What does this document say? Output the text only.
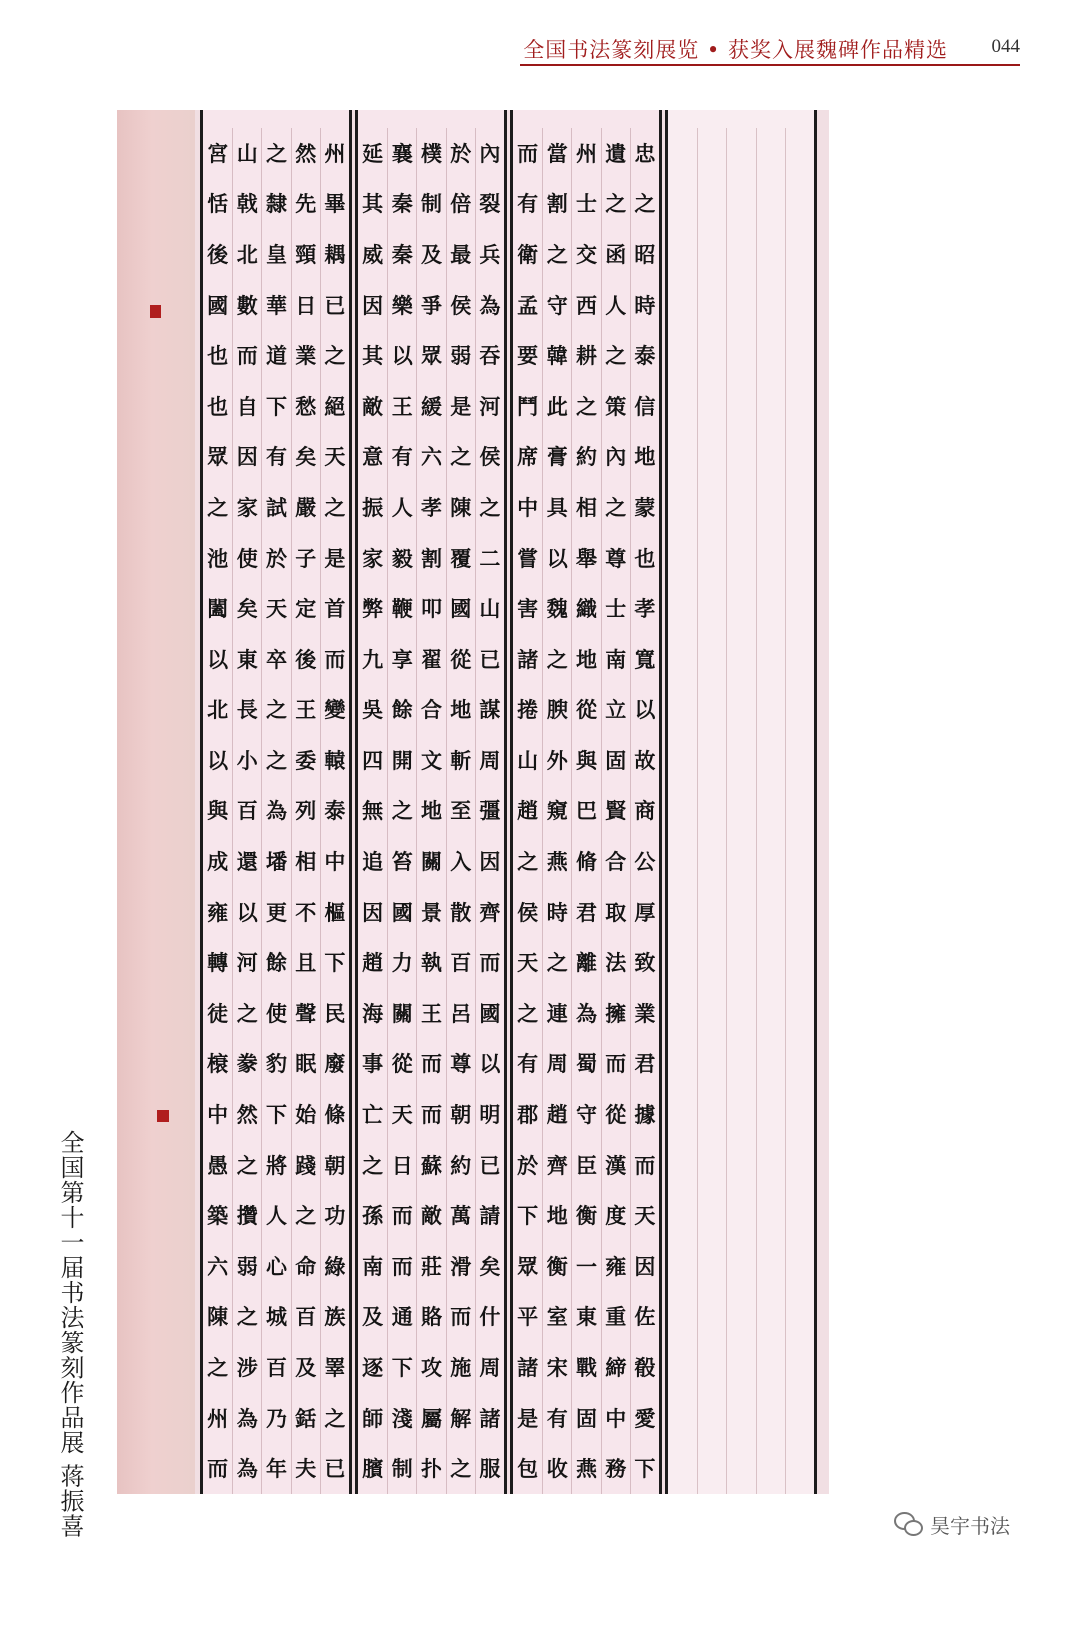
全国书法篆刻展览 • 获奖入展魏碑作品精选 044
宮 山 之 然 州
恬 戟 隸 先 畢
後 北 皇 頸 耦
國 數 華 日 已
也 而 道 業 之
也 自 下 愁 絕
眾 因 有 矣 天
之 家 試 嚴 之
池 使 於 子 是
闔 矣 天 定 首
以 東 卒 後 而
北 長 之 王 變
以 小 之 委 轅
與 百 為 列 泰
成 還 墦 相 中
雍 以 更 不 樞
轉 河 餘 且 下
徒 之 使 聲 民
榱 豢 豹 眠 廢
中 然 下 始 條
愚 之 將 踐 朝
築 攢 人 之 功
六 弱 心 命 綠
陳 之 城 百 族
之 涉 百 及 睪
州 為 乃 銛 之
而 為 年 夫 已
延 襄 樸 於 內
其 秦 制 倍 裂
威 秦 及 最 兵
因 樂 爭 侯 為
其 以 眾 弱 吞
敵 王 緩 是 河
意 有 六 之 侯
振 人 孝 陳 之
家 毅 割 覆 二
弊 鞭 叩 國 山
九 享 翟 從 已
吳 餘 合 地 謀
四 開 文 斬 周
無 之 地 至 彊
追 笞 關 入 因
因 國 景 散 齊
趙 力 執 百 而
海 關 王 呂 國
事 從 而 尊 以
亡 天 而 朝 明
之 日 蘇 約 已
孫 而 敵 萬 請
南 而 莊 滑 矣
及 通 賂 而 什
逐 下 攻 施 周
師 淺 屬 解 諸
臏 制 扑 之 服
而 當 州 遺 忠
有 割 士 之 之
衛 之 交 函 昭
孟 守 西 人 時
要 韓 耕 之 泰
鬥 此 之 策 信
席 膏 約 內 地
中 具 相 之 蒙
嘗 以 舉 尊 也
害 魏 織 士 孝
諸 之 地 南 寬
捲 腴 從 立 以
山 外 與 固 故
趙 窺 巴 賢 商
之 燕 脩 合 公
侯 時 君 取 厚
天 之 離 法 致
之 連 為 擁 業
有 周 蜀 而 君
郡 趙 守 從 據
於 齊 臣 漢 而
下 地 衡 度 天
眾 衡 一 雍 因
平 室 東 重 佐
諸 宋 戰 締 殽
是 有 固 中 愛
包 收 燕 務 下
全国第十一届书法篆刻作品展 蒋振喜	昊宇书法
